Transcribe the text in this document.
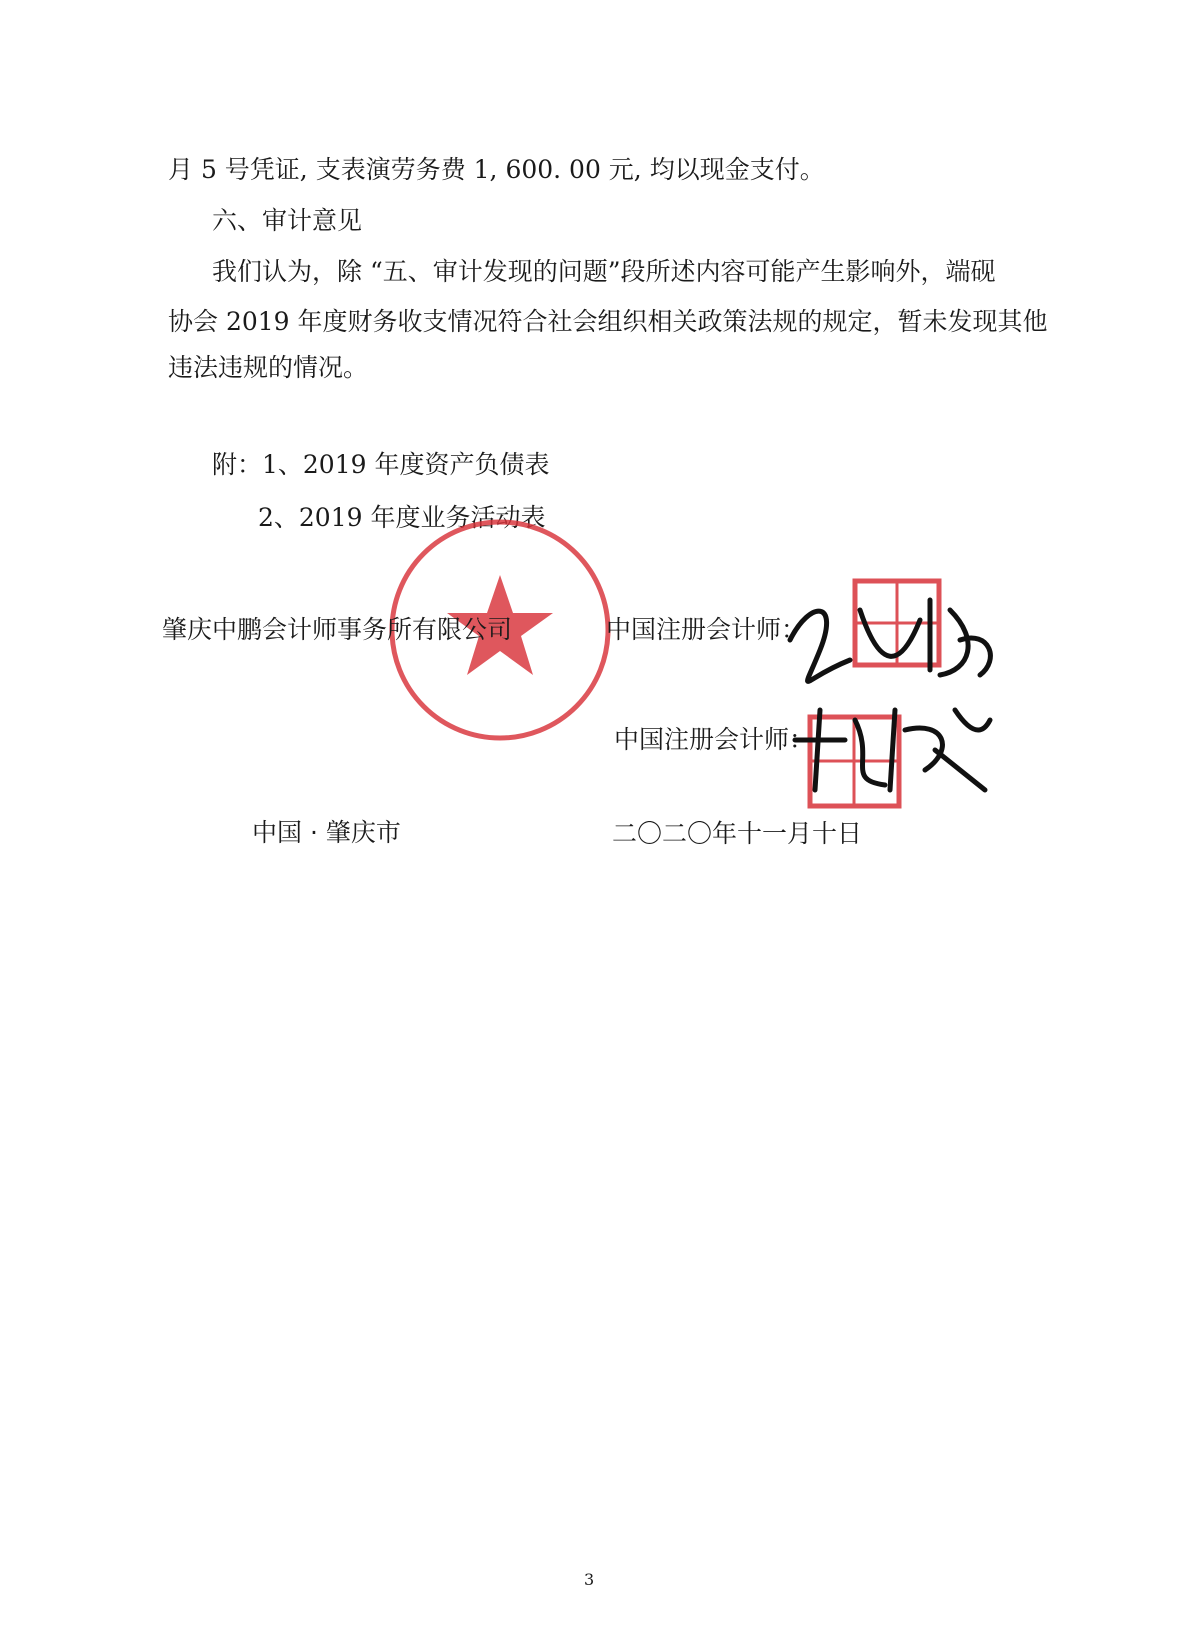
月 5 号凭证, 支表演劳务费 1, 600. 00 元, 均以现金支付。
六、审计意见
我们认为，除 “五、审计发现的问题”段所述内容可能产生影响外，端砚
协会 2019 年度财务收支情况符合社会组织相关政策法规的规定，暂未发现其他
违法违规的情况。
附：1、2019 年度资产负债表
2、2019 年度业务活动表
肇庆中鹏会计师事务所有限公司	中国注册会计师：
中国注册会计师：
中国 · 肇庆市	二〇二〇年十一月十日
3
